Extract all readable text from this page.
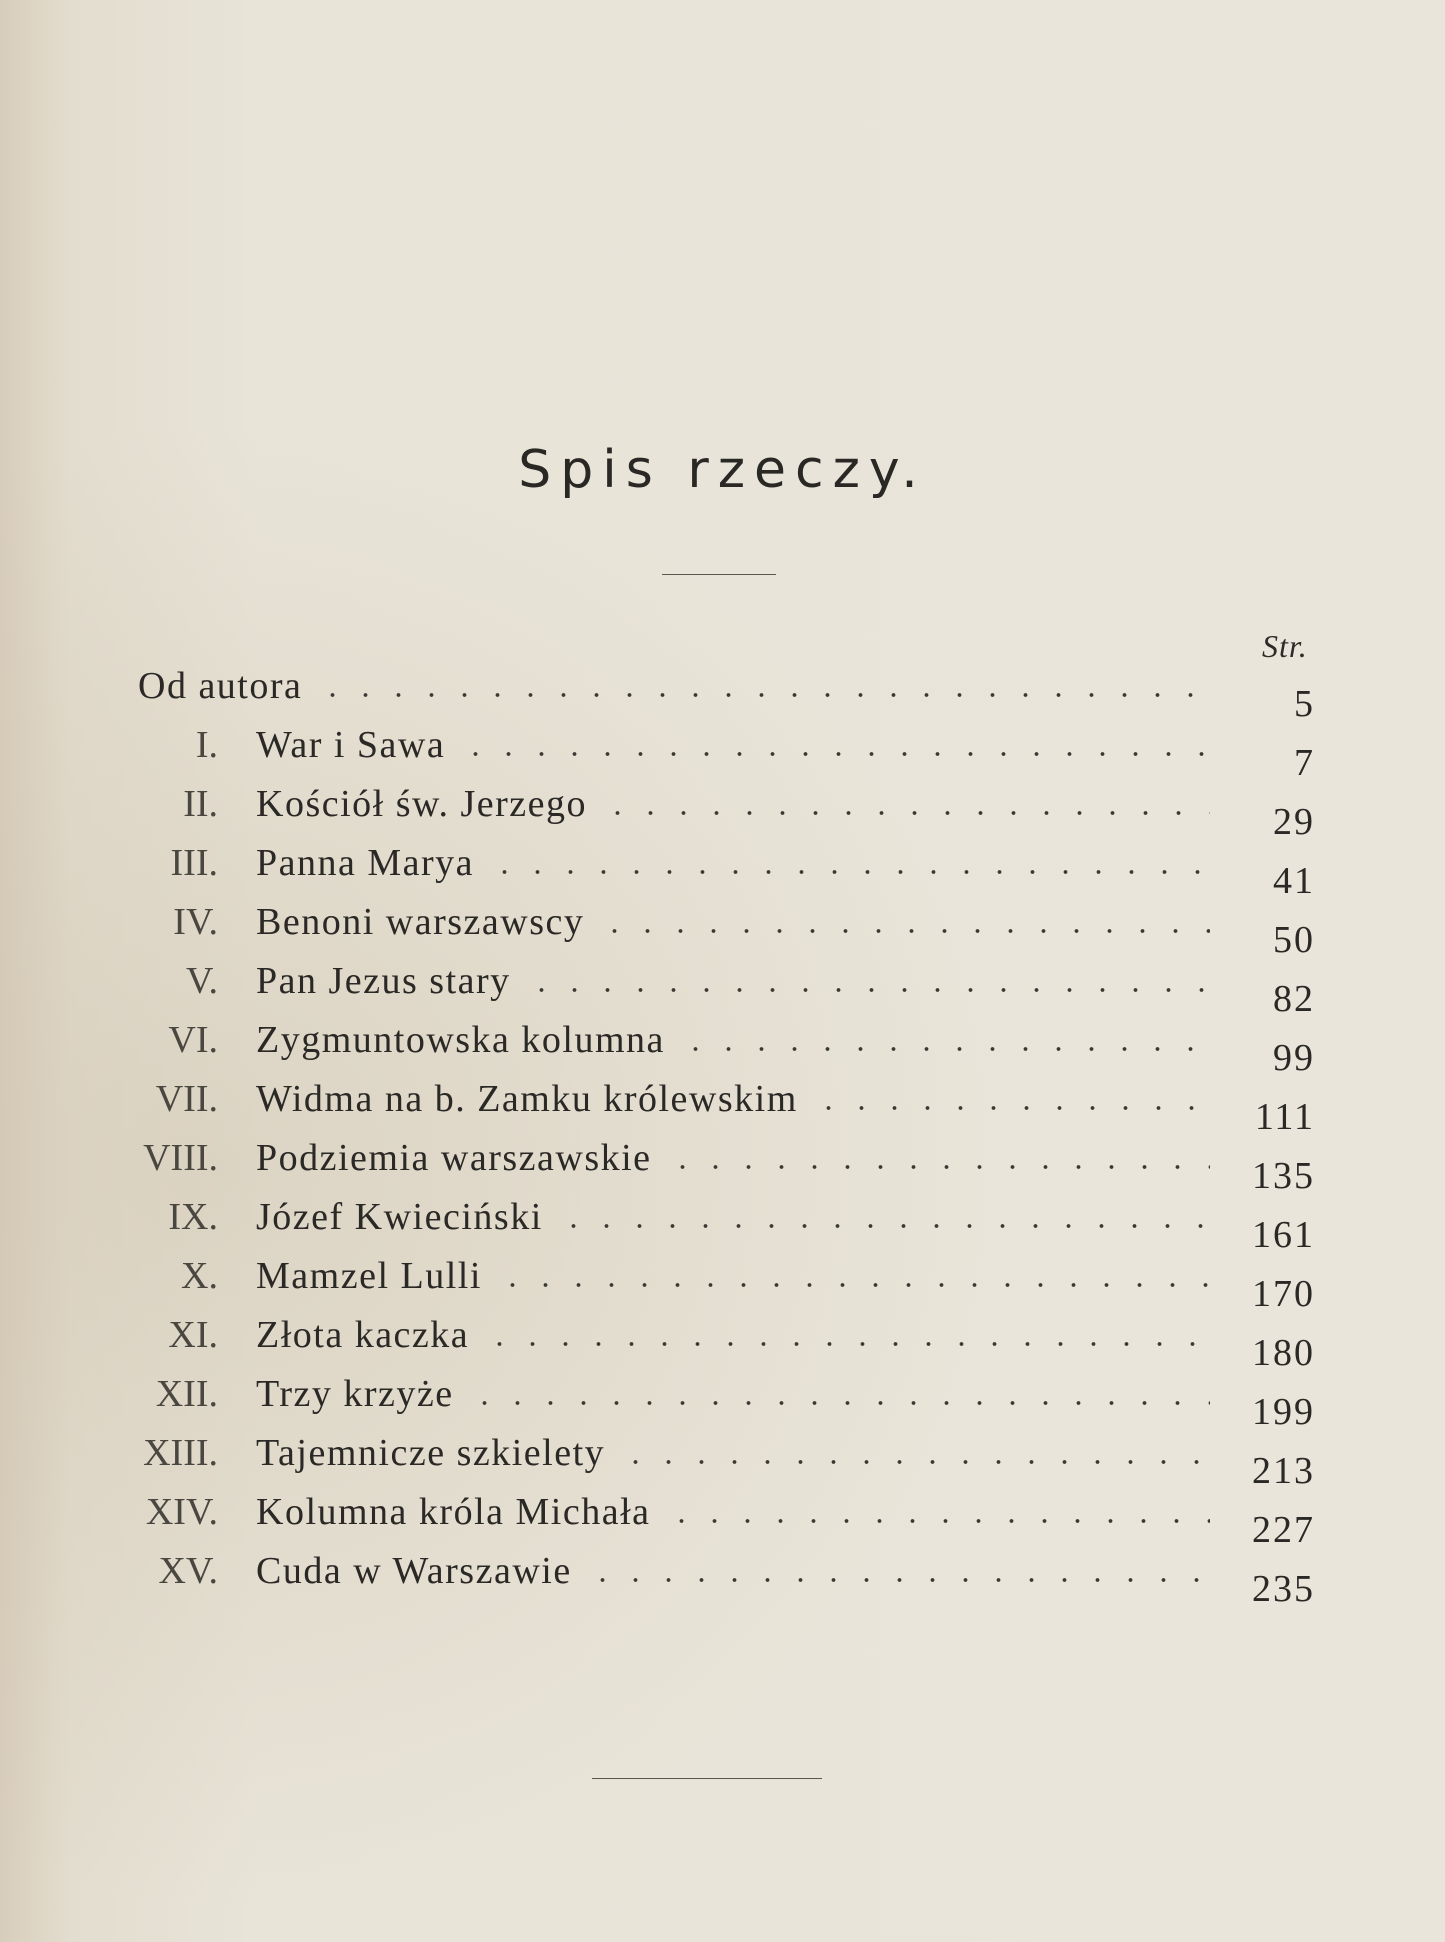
Spis rzeczy.
Str.
Od autora	5
I. War i Sawa	7
II. Kościół św. Jerzego	29
III. Panna Marya	41
IV. Benoni warszawscy	50
V. Pan Jezus stary	82
VI. Zygmuntowska kolumna	99
VII. Widma na b. Zamku królewskim	111
VIII. Podziemia warszawskie	135
IX. Józef Kwieciński	161
X. Mamzel Lulli	170
XI. Złota kaczka	180
XII. Trzy krzyże	199
XIII. Tajemnicze szkielety	213
XIV. Kolumna króla Michała	227
XV. Cuda w Warszawie	235
